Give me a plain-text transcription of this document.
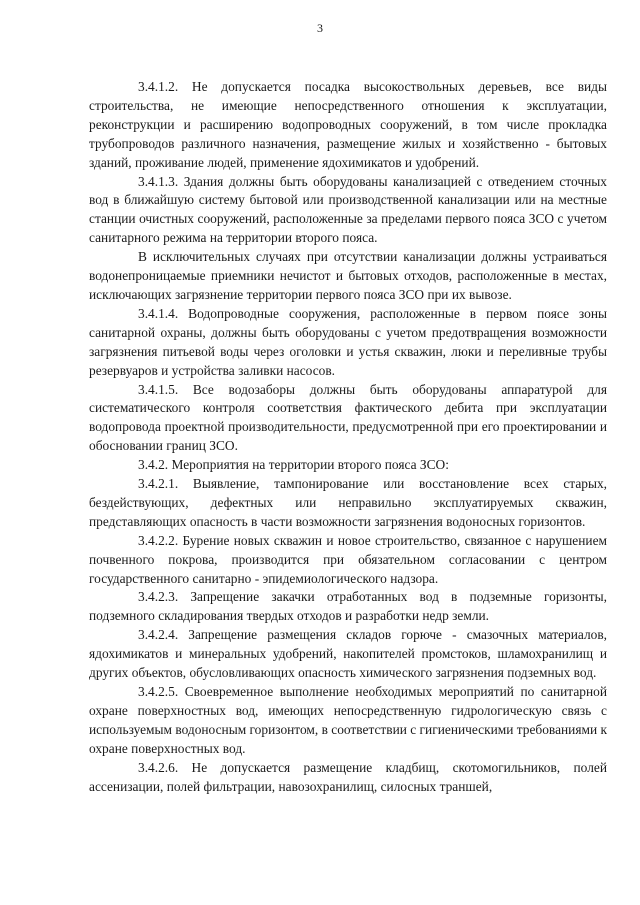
3

3.4.1.2. Не допускается посадка высокоствольных деревьев, все виды строительства, не имеющие непосредственного отношения к эксплуатации, реконструкции и расширению водопроводных сооружений, в том числе прокладка трубопроводов различного назначения, размещение жилых и хозяйственно - бытовых зданий, проживание людей, применение ядохимикатов и удобрений.

3.4.1.3. Здания должны быть оборудованы канализацией с отведением сточных вод в ближайшую систему бытовой или производственной канализации или на местные станции очистных сооружений, расположенные за пределами первого пояса ЗСО с учетом санитарного режима на территории второго пояса.

В исключительных случаях при отсутствии канализации должны устраиваться водонепроницаемые приемники нечистот и бытовых отходов, расположенные в местах, исключающих загрязнение территории первого пояса ЗСО при их вывозе.

3.4.1.4. Водопроводные сооружения, расположенные в первом поясе зоны санитарной охраны, должны быть оборудованы с учетом предотвращения возможности загрязнения питьевой воды через оголовки и устья скважин, люки и переливные трубы резервуаров и устройства заливки насосов.

3.4.1.5. Все водозаборы должны быть оборудованы аппаратурой для систематического контроля соответствия фактического дебита при эксплуатации водопровода проектной производительности, предусмотренной при его проектировании и обосновании границ ЗСО.

3.4.2. Мероприятия на территории второго пояса ЗСО:

3.4.2.1. Выявление, тампонирование или восстановление всех старых, бездействующих, дефектных или неправильно эксплуатируемых скважин, представляющих опасность в части возможности загрязнения водоносных горизонтов.

3.4.2.2. Бурение новых скважин и новое строительство, связанное с нарушением почвенного покрова, производится при обязательном согласовании с центром государственного санитарно - эпидемиологического надзора.

3.4.2.3. Запрещение закачки отработанных вод в подземные горизонты, подземного складирования твердых отходов и разработки недр земли.

3.4.2.4. Запрещение размещения складов горюче - смазочных материалов, ядохимикатов и минеральных удобрений, накопителей промстоков, шламохранилищ и других объектов, обусловливающих опасность химического загрязнения подземных вод.

3.4.2.5. Своевременное выполнение необходимых мероприятий по санитарной охране поверхностных вод, имеющих непосредственную гидрологическую связь с используемым водоносным горизонтом, в соответствии с гигиеническими требованиями к охране поверхностных вод.

3.4.2.6. Не допускается размещение кладбищ, скотомогильников, полей ассенизации, полей фильтрации, навозохранилищ, силосных траншей,
